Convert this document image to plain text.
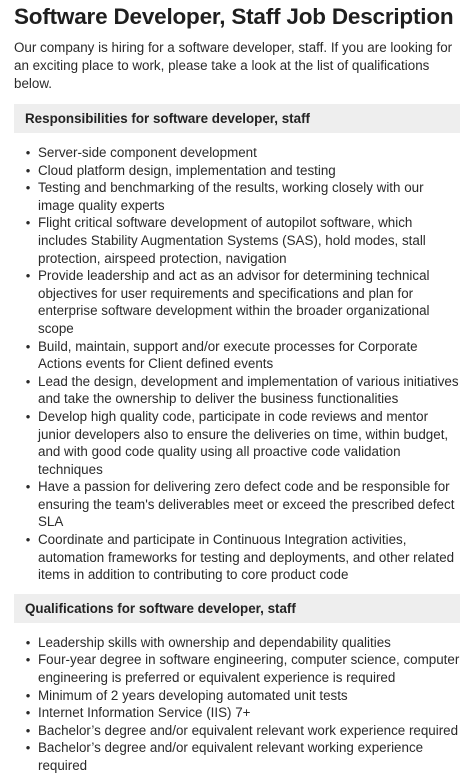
Software Developer, Staff Job Description

Our company is hiring for a software developer, staff. If you are looking for an exciting place to work, please take a look at the list of qualifications below.

Responsibilities for software developer, staff
•
Server-side component development
•
Cloud platform design, implementation and testing
•
Testing and benchmarking of the results, working closely with our image quality experts
•
Flight critical software development of autopilot software, which includes Stability Augmentation Systems (SAS), hold modes, stall protection, airspeed protection, navigation
•
Provide leadership and act as an advisor for determining technical objectives for user requirements and specifications and plan for enterprise software development within the broader organizational scope
•
Build, maintain, support and/or execute processes for Corporate Actions events for Client defined events
•
Lead the design, development and implementation of various initiatives and take the ownership to deliver the business functionalities
•
Develop high quality code, participate in code reviews and mentor junior developers also to ensure the deliveries on time, within budget, and with good code quality using all proactive code validation techniques
•
Have a passion for delivering zero defect code and be responsible for ensuring the team's deliverables meet or exceed the prescribed defect SLA
•
Coordinate and participate in Continuous Integration activities, automation frameworks for testing and deployments, and other related items in addition to contributing to core product code
Qualifications for software developer, staff
•
Leadership skills with ownership and dependability qualities
•
Four-year degree in software engineering, computer science, computer engineering is preferred or equivalent experience is required
•
Minimum of 2 years developing automated unit tests
•
Internet Information Service (IIS) 7+
•
Bachelor’s degree and/or equivalent relevant work experience required
•
Bachelor’s degree and/or equivalent relevant working experience required
